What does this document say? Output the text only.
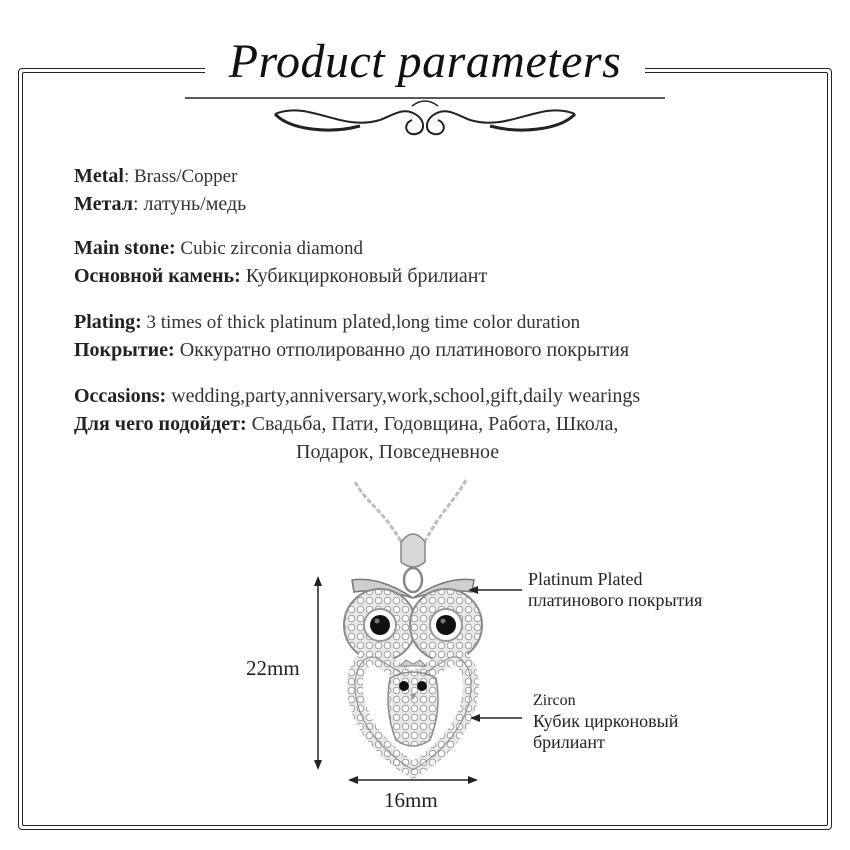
Product parameters
Metal: Brass/Copper
Метал: латунь/медь
Main stone: Cubic zirconia diamond
Основной камень: Кубикцирконовый брилиант
Plating: 3 times of thick platinum plated,long time color duration
Покрытие: Оккуратно отполированно до платинового покрытия
Occasions: wedding,party,anniversary,work,school,gift,daily wearings
Для чего подойдет: Свадьба, Пати, Годовщина, Работа, Школа,
Подарок, Повседневное
22mm
16mm
Platinum Plated
платинового покрытия
Zircon
Кубик цирконовый
брилиант
